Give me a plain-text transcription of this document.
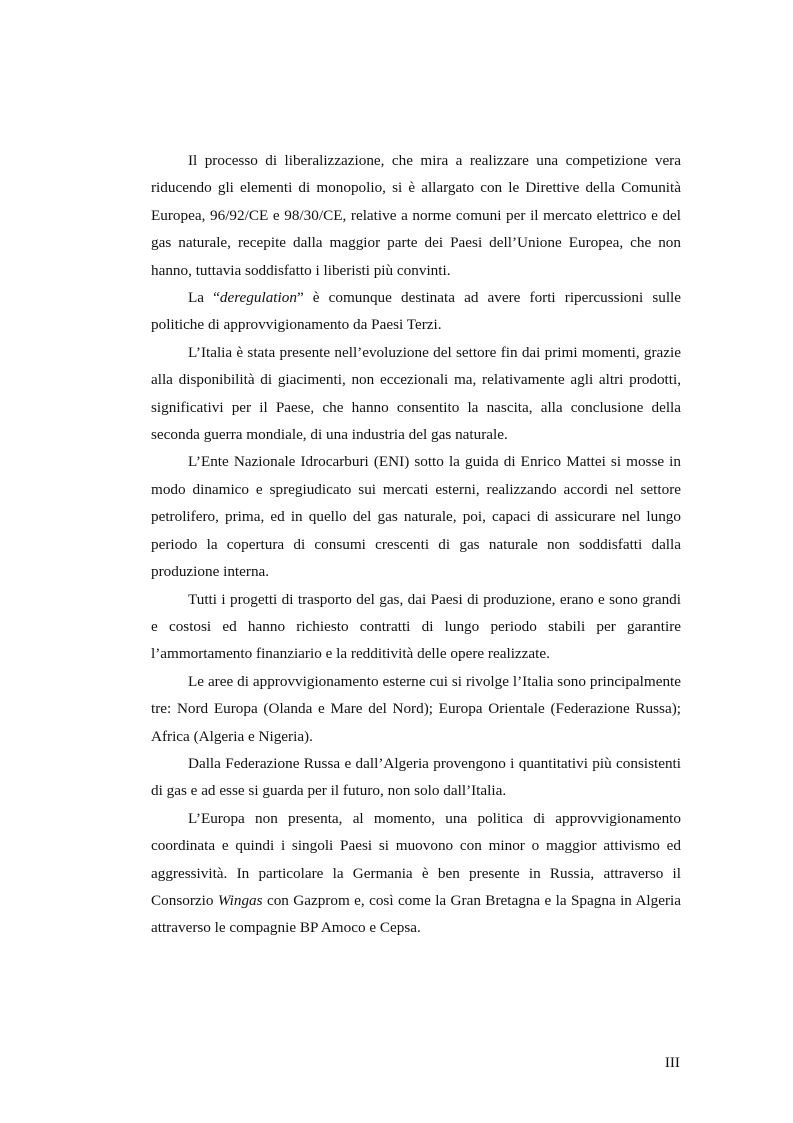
Il processo di liberalizzazione, che mira a realizzare una competizione vera riducendo gli elementi di monopolio, si è allargato con le Direttive della Comunità Europea, 96/92/CE e 98/30/CE, relative a norme comuni per il mercato elettrico e del gas naturale, recepite dalla maggior parte dei Paesi dell’Unione Europea, che non hanno, tuttavia soddisfatto i liberisti più convinti.

La “deregulation” è comunque destinata ad avere forti ripercussioni sulle politiche di approvvigionamento da Paesi Terzi.

L’Italia è stata presente nell’evoluzione del settore fin dai primi momenti, grazie alla disponibilità di giacimenti, non eccezionali ma, relativamente agli altri prodotti, significativi per il Paese, che hanno consentito la nascita, alla conclusione della seconda guerra mondiale, di una industria del gas naturale.

L’Ente Nazionale Idrocarburi (ENI) sotto la guida di Enrico Mattei si mosse in modo dinamico e spregiudicato sui mercati esterni, realizzando accordi nel settore petrolifero, prima, ed in quello del gas naturale, poi, capaci di assicurare nel lungo periodo la copertura di consumi crescenti di gas naturale non soddisfatti dalla produzione interna.

Tutti i progetti di trasporto del gas, dai Paesi di produzione, erano e sono grandi e costosi ed hanno richiesto contratti di lungo periodo stabili per garantire l’ammortamento finanziario e la redditività delle opere realizzate.

Le aree di approvvigionamento esterne cui si rivolge l’Italia sono principalmente tre: Nord Europa (Olanda e Mare del Nord); Europa Orientale (Federazione Russa); Africa (Algeria e Nigeria).

Dalla Federazione Russa e dall’Algeria provengono i quantitativi più consistenti di gas e ad esse si guarda per il futuro, non solo dall’Italia.

L’Europa non presenta, al momento, una politica di approvvigionamento coordinata e quindi i singoli Paesi si muovono con minor o maggior attivismo ed aggressività. In particolare la Germania è ben presente in Russia, attraverso il Consorzio Wingas con Gazprom e, così come la Gran Bretagna e la Spagna in Algeria attraverso le compagnie BP Amoco e Cepsa.

III
